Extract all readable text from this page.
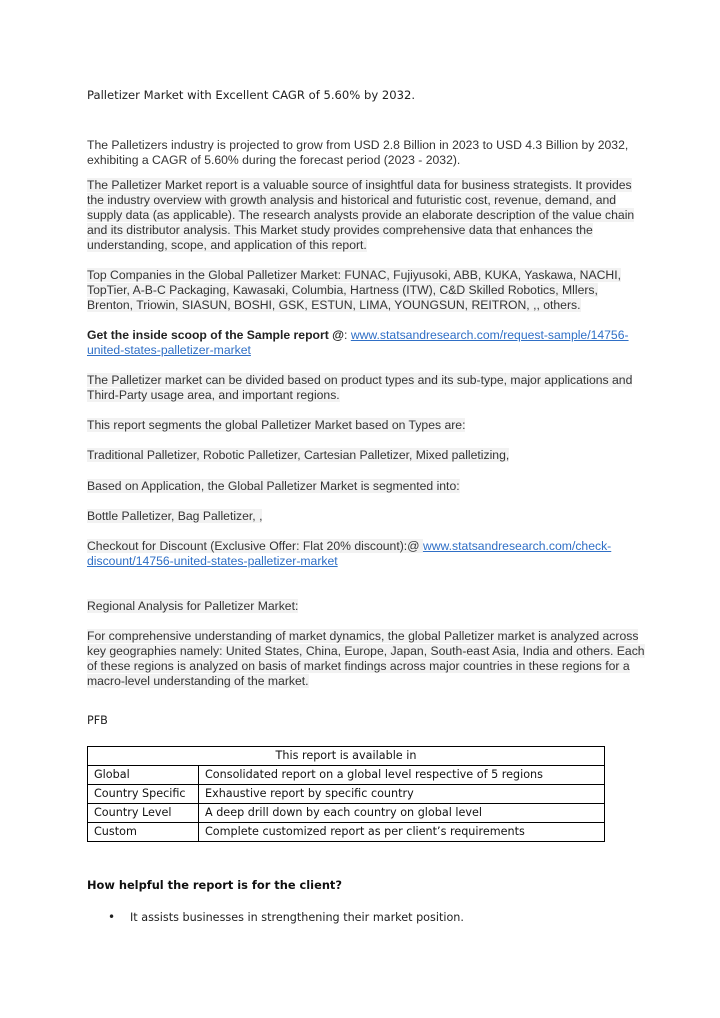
Palletizer Market with Excellent CAGR of 5.60% by 2032.

The Palletizers industry is projected to grow from USD 2.8 Billion in 2023 to USD 4.3 Billion by 2032, exhibiting a CAGR of 5.60% during the forecast period (2023 - 2032).

The Palletizer Market report is a valuable source of insightful data for business strategists. It provides the industry overview with growth analysis and historical and futuristic cost, revenue, demand, and supply data (as applicable). The research analysts provide an elaborate description of the value chain and its distributor analysis. This Market study provides comprehensive data that enhances the understanding, scope, and application of this report.

Top Companies in the Global Palletizer Market: FUNAC, Fujiyusoki, ABB, KUKA, Yaskawa, NACHI, TopTier, A-B-C Packaging, Kawasaki, Columbia, Hartness (ITW), C&D Skilled Robotics, Mllers, Brenton, Triowin, SIASUN, BOSHI, GSK, ESTUN, LIMA, YOUNGSUN, REITRON, ,, others.

Get the inside scoop of the Sample report @: www.statsandresearch.com/request-sample/14756-united-states-palletizer-market

The Palletizer market can be divided based on product types and its sub-type, major applications and Third-Party usage area, and important regions.

This report segments the global Palletizer Market based on Types are:

Traditional Palletizer, Robotic Palletizer, Cartesian Palletizer, Mixed palletizing,

Based on Application, the Global Palletizer Market is segmented into:

Bottle Palletizer, Bag Palletizer, ,

Checkout for Discount (Exclusive Offer: Flat 20% discount):@ www.statsandresearch.com/check-discount/14756-united-states-palletizer-market

Regional Analysis for Palletizer Market:

For comprehensive understanding of market dynamics, the global Palletizer market is analyzed across key geographies namely: United States, China, Europe, Japan, South-east Asia, India and others. Each of these regions is analyzed on basis of market findings across major countries in these regions for a macro-level understanding of the market.

PFB
This report is available in	
Global	Consolidated report on a global level respective of 5 regions
Country Specific	Exhaustive report by specific country
Country Level	A deep drill down by each country on global level
Custom	Complete customized report as per client’s requirements
How helpful the report is for the client?
•	It assists businesses in strengthening their market position.
